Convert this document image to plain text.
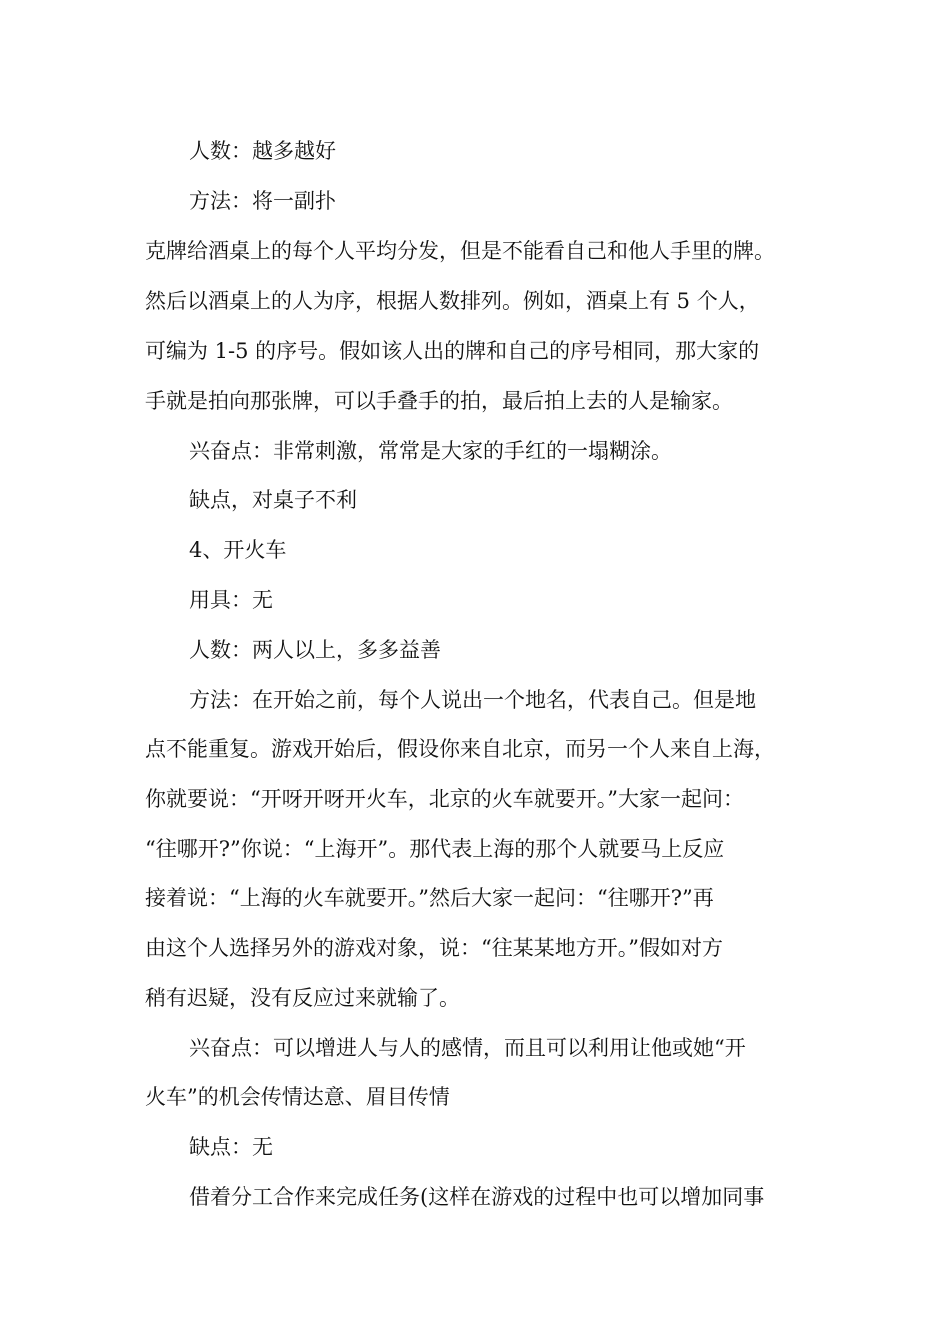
人数：越多越好
方法：将一副扑
克牌给酒桌上的每个人平均分发，但是不能看自己和他人手里的牌。
然后以酒桌上的人为序，根据人数排列。例如，酒桌上有 5 个人，
可编为 1-5 的序号。假如该人出的牌和自己的序号相同，那大家的
手就是拍向那张牌，可以手叠手的拍，最后拍上去的人是输家。
兴奋点：非常刺激，常常是大家的手红的一塌糊涂。
缺点，对桌子不利
4、开火车
用具：无
人数：两人以上，多多益善
方法：在开始之前，每个人说出一个地名，代表自己。但是地
点不能重复。游戏开始后，假设你来自北京，而另一个人来自上海，
你就要说：“开呀开呀开火车，北京的火车就要开。”大家一起问：
“往哪开?”你说：“上海开”。那代表上海的那个人就要马上反应
接着说：“上海的火车就要开。”然后大家一起问：“往哪开?”再
由这个人选择另外的游戏对象，说：“往某某地方开。”假如对方
稍有迟疑，没有反应过来就输了。
兴奋点：可以增进人与人的感情，而且可以利用让他或她“开
火车”的机会传情达意、眉目传情
缺点：无
借着分工合作来完成任务(这样在游戏的过程中也可以增加同事
